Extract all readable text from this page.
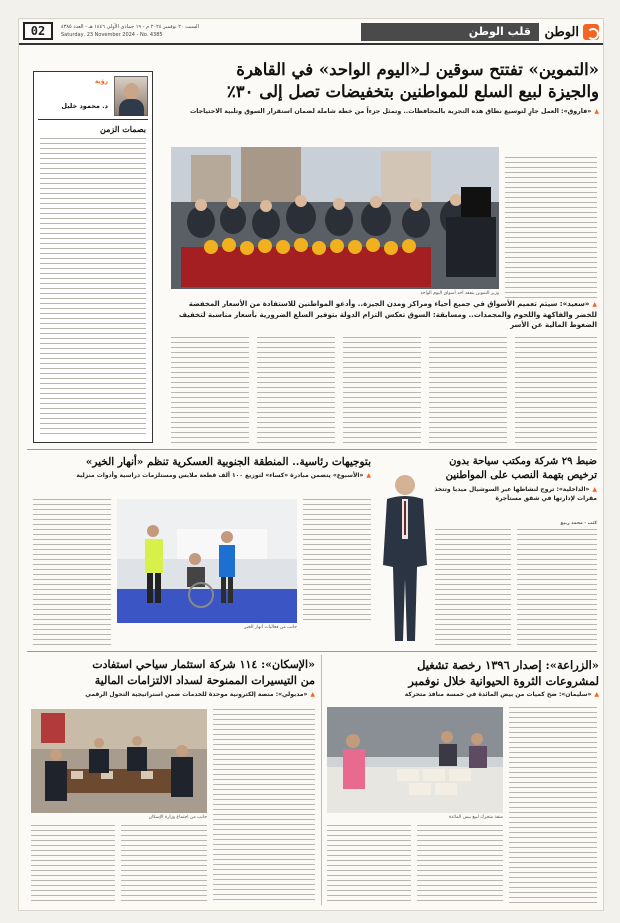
الوطن
قلب الوطن
السبت ٢٠ نوفمبر ٢٠٢٤ م - ١٩ جمادى الأولى ١٤٤٦ هـ - العدد ٤٣٨٥
Saturday, 23 November 2024 - No. 4385
02
«التموين» تفتتح سوقين لـ«اليوم الواحد» في القاهرة
والجيزة لبيع السلع للمواطنين بتخفيضات تصل إلى ٣٠٪
▲ «فاروق»: العمل جارٍ لتوسيع نطاق هذه التجربة بالمحافظات.. وتمثل جزءاً من خطة شاملة لضمان استقرار السوق وتلبية الاحتياجات
رؤية
د. محمود خليل
بصمات الزمن
وزير التموين يتفقد أحد أسواق اليوم الواحد
▲ «سعيد»: سيتم تعميم الأسواق في جميع أحياء ومراكز ومدن الجيزة.. وأدعو المواطنين للاستفادة من الأسعار المخفضة للخضر والفاكهة واللحوم والمجمدات.. ومسابقة: السوق تعكس التزام الدولة بتوفير السلع الضرورية بأسعار مناسبة لتخفيف الضغوط المالية عن الأسر
ضبط ٢٩ شركة ومكتب سياحة بدون ترخيص بتهمة النصب على المواطنين
▲ «الداخلية»: تروج لنشاطها عبر السوشيال ميديا وتتخذ مقرات لإدارتها في شقق مستأجرة
كتب - محمد ربيع
بتوجيهات رئاسية.. المنطقة الجنوبية العسكرية تنظم «أنهار الخير»
▲ «الأسبوع» يتضمن مبادرة «كساء» لتوزيع ١٠٠ ألف قطعة ملابس ومستلزمات دراسية وأدوات منزلية
جانب من فعاليات أنهار الخير
«الزراعة»: إصدار ١٣٩٦ رخصة تشغيل
لمشروعات الثروة الحيوانية خلال نوفمبر
▲ «سليمان»: ضخ كميات من بيض المائدة في خمسة منافذ متحركة
منفذ متحرك لبيع بيض المائدة
«الإسكان»: ١١٤ شركة استثمار سياحي استفادت
من التيسيرات الممنوحة لسداد الالتزامات المالية
▲ «مدبولي»: منصة إلكترونية موحدة للخدمات ضمن استراتيجية التحول الرقمي
جانب من اجتماع وزارة الإسكان
